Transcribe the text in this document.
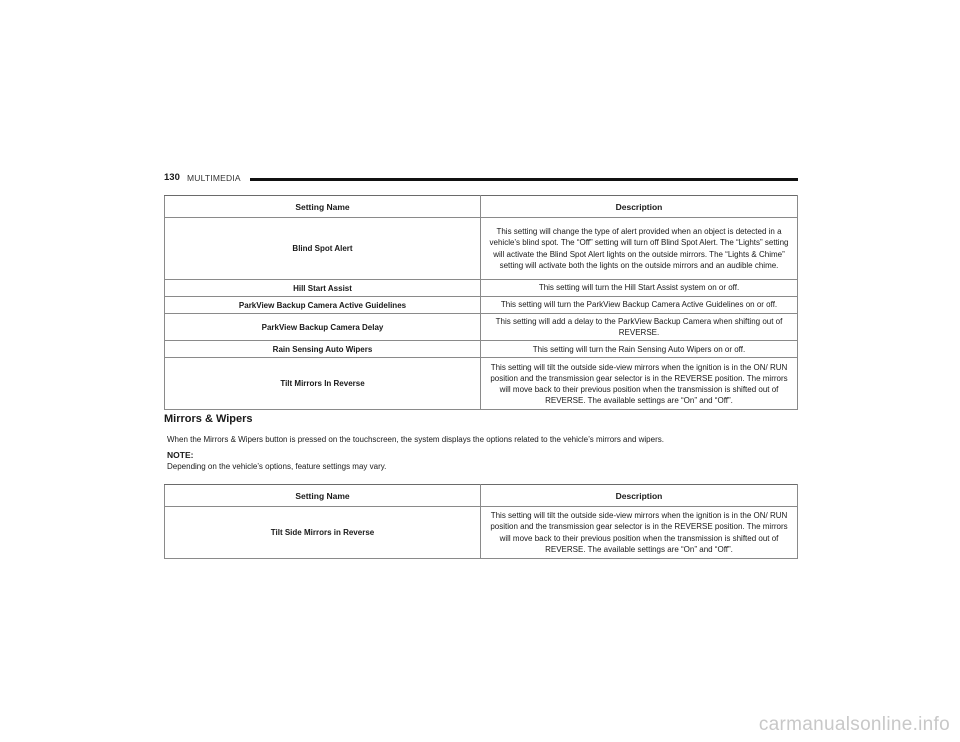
130 MULTIMEDIA
Setting Name	Description
Blind Spot Alert	This setting will change the type of alert provided when an object is detected in a vehicle’s blind spot. The “Off” setting will turn off Blind Spot Alert. The “Lights” setting will activate the Blind Spot Alert lights on the outside mirrors. The “Lights & Chime” setting will activate both the lights on the outside mirrors and an audible chime.
Hill Start Assist	This setting will turn the Hill Start Assist system on or off.
ParkView Backup Camera Active Guidelines	This setting will turn the ParkView Backup Camera Active Guidelines on or off.
ParkView Backup Camera Delay	This setting will add a delay to the ParkView Backup Camera when shifting out of REVERSE.
Rain Sensing Auto Wipers	This setting will turn the Rain Sensing Auto Wipers on or off.
Tilt Mirrors In Reverse	This setting will tilt the outside side-view mirrors when the ignition is in the ON/ RUN position and the transmission gear selector is in the REVERSE position. The mirrors will move back to their previous position when the transmission is shifted out of REVERSE. The available settings are “On” and “Off”.
Mirrors & Wipers
When the Mirrors & Wipers button is pressed on the touchscreen, the system displays the options related to the vehicle’s mirrors and wipers.
NOTE:
Depending on the vehicle’s options, feature settings may vary.
Setting Name	Description
Tilt Side Mirrors in Reverse	This setting will tilt the outside side-view mirrors when the ignition is in the ON/ RUN position and the transmission gear selector is in the REVERSE position. The mirrors will move back to their previous position when the transmission is shifted out of REVERSE. The available settings are “On” and “Off”.
carmanualsonline.info
